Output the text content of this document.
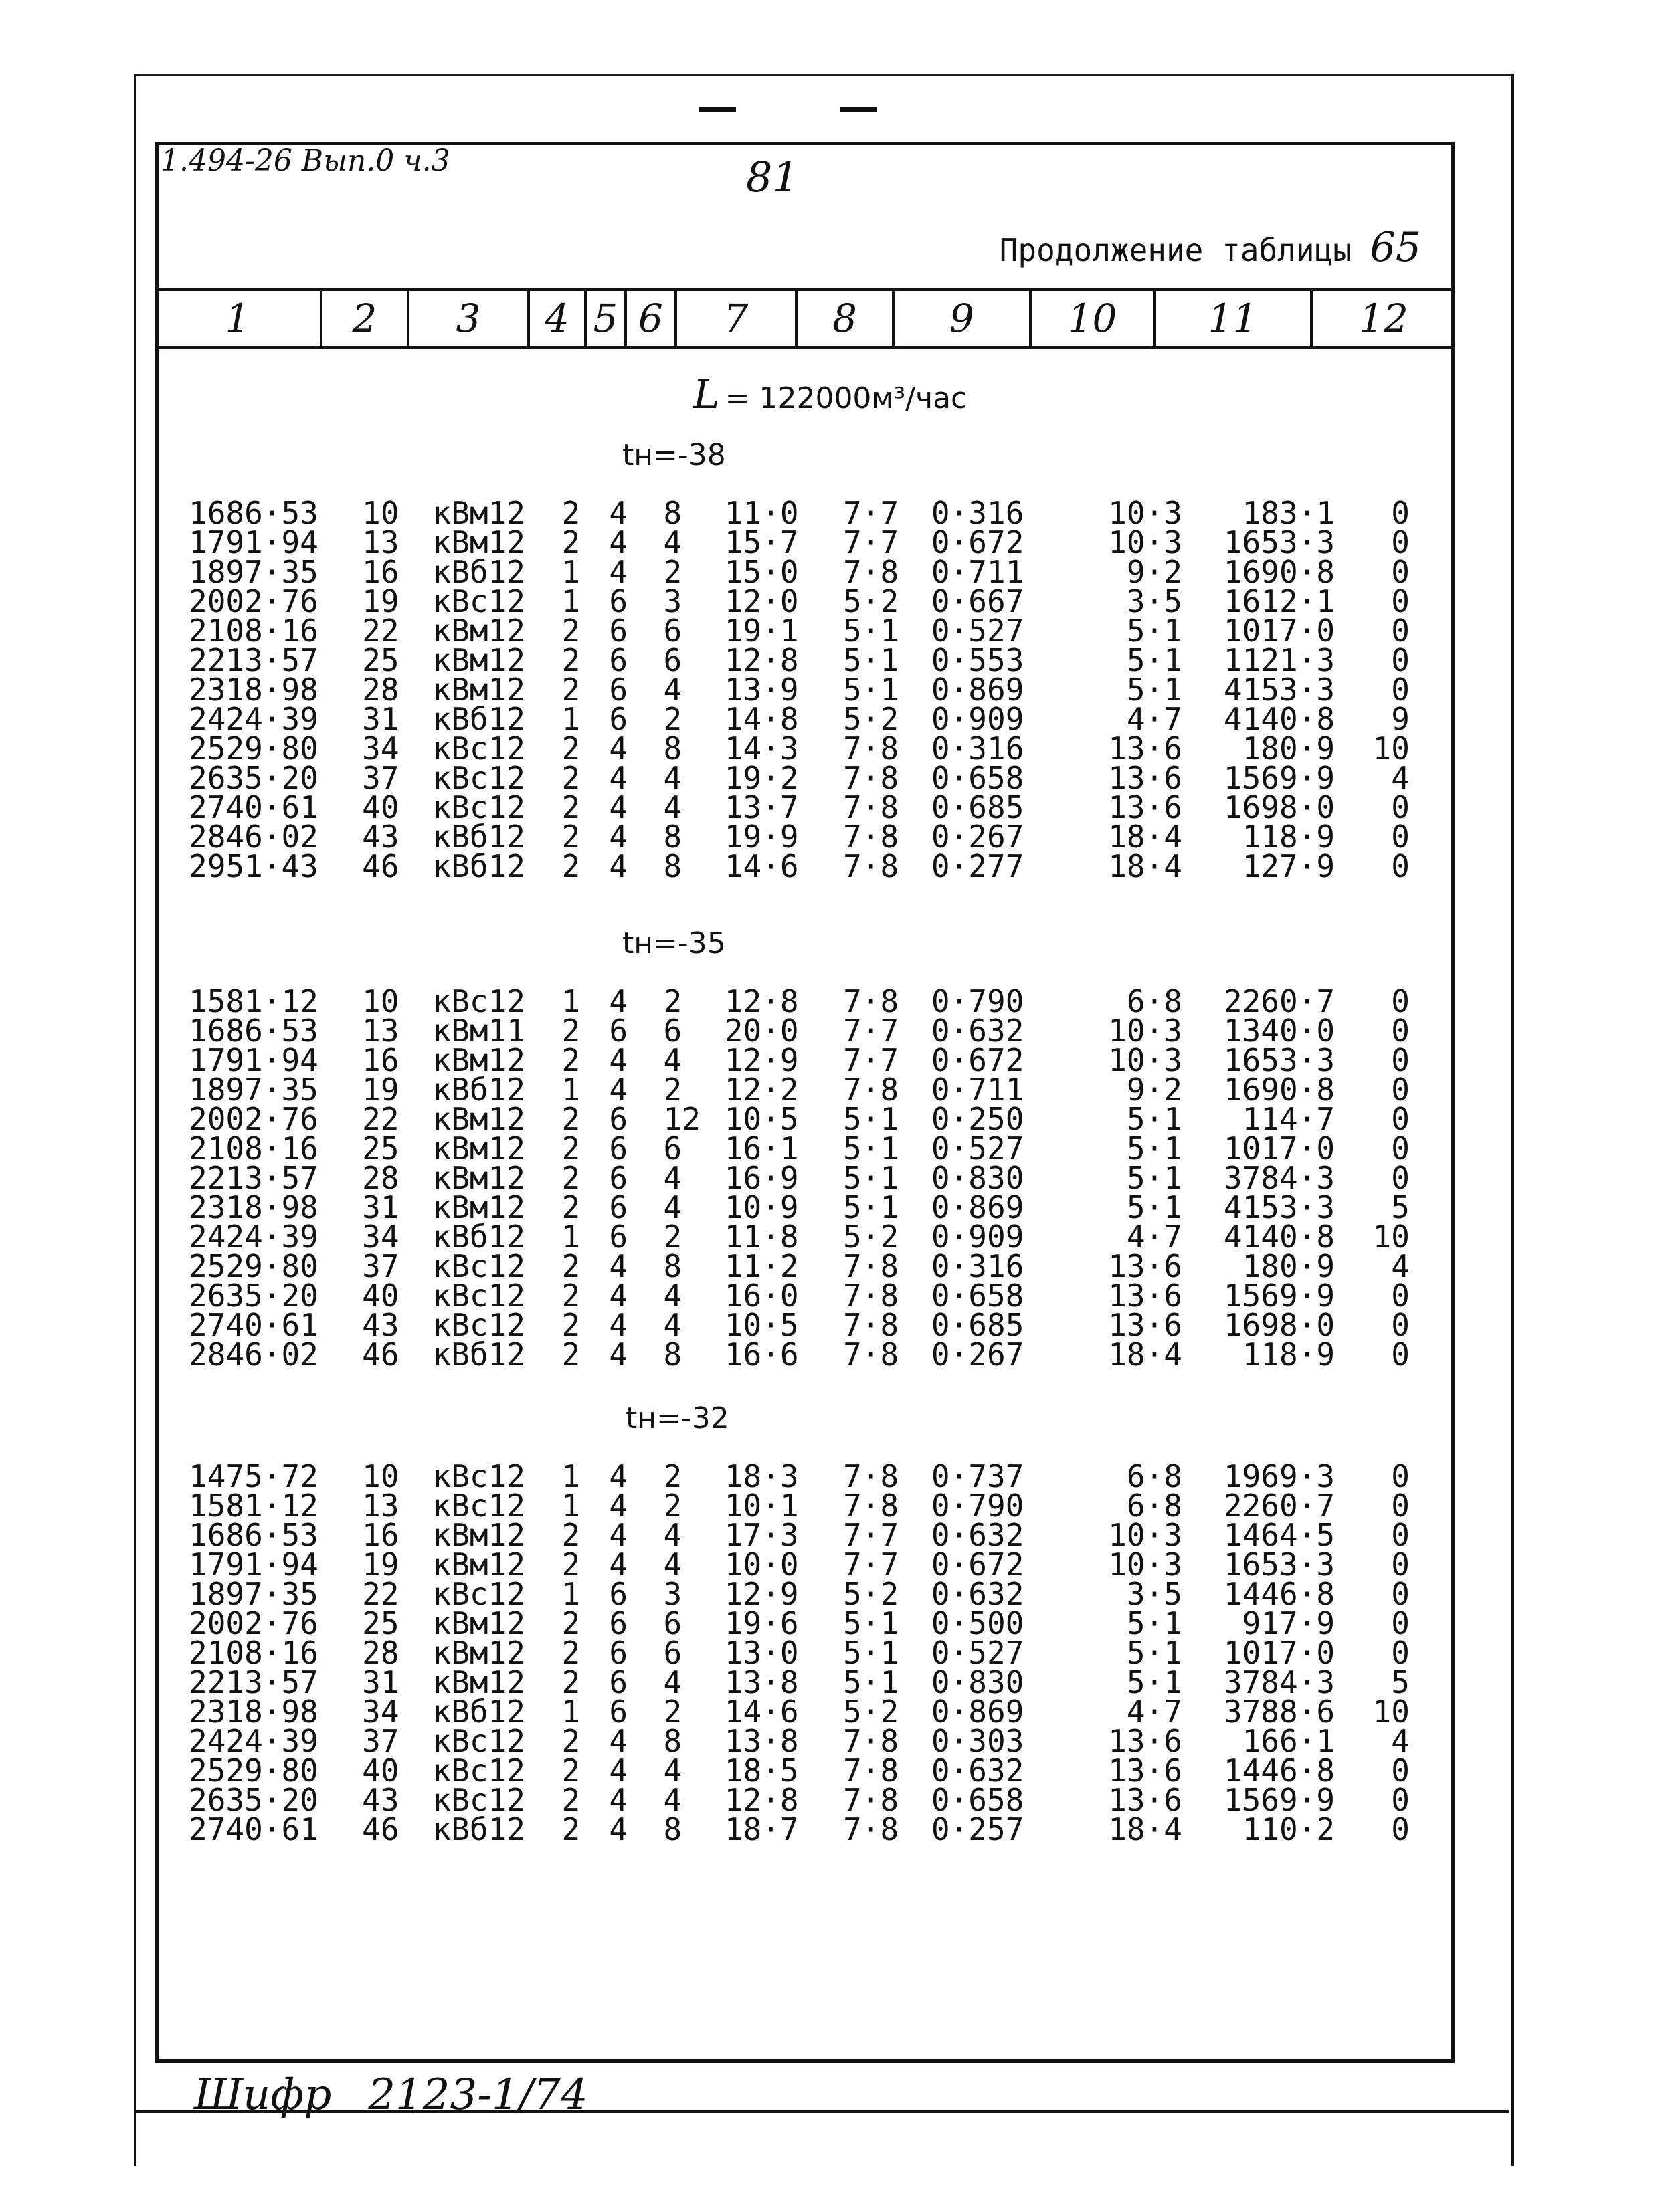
1.494-26 Вып.0 ч.3	81
Продолжение таблицы 65
1	2	3	4 5 6	7	8	9	10	11	12
L = 122000м³/час
tн=-38
1686·53	10	кВм12	2	4	8	11·0	7·7	0·316	10·3	183·1	0
1791·94	13	кВм12	2	4	4	15·7	7·7	0·672	10·3	1653·3	0
1897·35	16	кВб12	1	4	2	15·0	7·8	0·711	9·2	1690·8	0
2002·76	19	кВс12	1	6	3	12·0	5·2	0·667	3·5	1612·1	0
2108·16	22	кВм12	2	6	6	19·1	5·1	0·527	5·1	1017·0	0
2213·57	25	кВм12	2	6	6	12·8	5·1	0·553	5·1	1121·3	0
2318·98	28	кВм12	2	6	4	13·9	5·1	0·869	5·1	4153·3	0
2424·39	31	кВб12	1	6	2	14·8	5·2	0·909	4·7	4140·8	9
2529·80	34	кВс12	2	4	8	14·3	7·8	0·316	13·6	180·9	10
2635·20	37	кВс12	2	4	4	19·2	7·8	0·658	13·6	1569·9	4
2740·61	40	кВс12	2	4	4	13·7	7·8	0·685	13·6	1698·0	0
2846·02	43	кВб12	2	4	8	19·9	7·8	0·267	18·4	118·9	0
2951·43	46	кВб12	2	4	8	14·6	7·8	0·277	18·4	127·9	0
tн=-35
1581·12	10	кВс12	1	4	2	12·8	7·8	0·790	6·8	2260·7	0
1686·53	13	кВм11	2	6	6	20·0	7·7	0·632	10·3	1340·0	0
1791·94	16	кВм12	2	4	4	12·9	7·7	0·672	10·3	1653·3	0
1897·35	19	кВб12	1	4	2	12·2	7·8	0·711	9·2	1690·8	0
2002·76	22	кВм12	2	6	12	10·5	5·1	0·250	5·1	114·7	0
2108·16	25	кВм12	2	6	6	16·1	5·1	0·527	5·1	1017·0	0
2213·57	28	кВм12	2	6	4	16·9	5·1	0·830	5·1	3784·3	0
2318·98	31	кВм12	2	6	4	10·9	5·1	0·869	5·1	4153·3	5
2424·39	34	кВб12	1	6	2	11·8	5·2	0·909	4·7	4140·8	10
2529·80	37	кВс12	2	4	8	11·2	7·8	0·316	13·6	180·9	4
2635·20	40	кВс12	2	4	4	16·0	7·8	0·658	13·6	1569·9	0
2740·61	43	кВс12	2	4	4	10·5	7·8	0·685	13·6	1698·0	0
2846·02	46	кВб12	2	4	8	16·6	7·8	0·267	18·4	118·9	0
tн=-32
1475·72	10	кВс12	1	4	2	18·3	7·8	0·737	6·8	1969·3	0
1581·12	13	кВс12	1	4	2	10·1	7·8	0·790	6·8	2260·7	0
1686·53	16	кВм12	2	4	4	17·3	7·7	0·632	10·3	1464·5	0
1791·94	19	кВм12	2	4	4	10·0	7·7	0·672	10·3	1653·3	0
1897·35	22	кВс12	1	6	3	12·9	5·2	0·632	3·5	1446·8	0
2002·76	25	кВм12	2	6	6	19·6	5·1	0·500	5·1	917·9	0
2108·16	28	кВм12	2	6	6	13·0	5·1	0·527	5·1	1017·0	0
2213·57	31	кВм12	2	6	4	13·8	5·1	0·830	5·1	3784·3	5
2318·98	34	кВб12	1	6	2	14·6	5·2	0·869	4·7	3788·6	10
2424·39	37	кВс12	2	4	8	13·8	7·8	0·303	13·6	166·1	4
2529·80	40	кВс12	2	4	4	18·5	7·8	0·632	13·6	1446·8	0
2635·20	43	кВс12	2	4	4	12·8	7·8	0·658	13·6	1569·9	0
2740·61	46	кВб12	2	4	8	18·7	7·8	0·257	18·4	110·2	0
Шифр 2123-1/74
